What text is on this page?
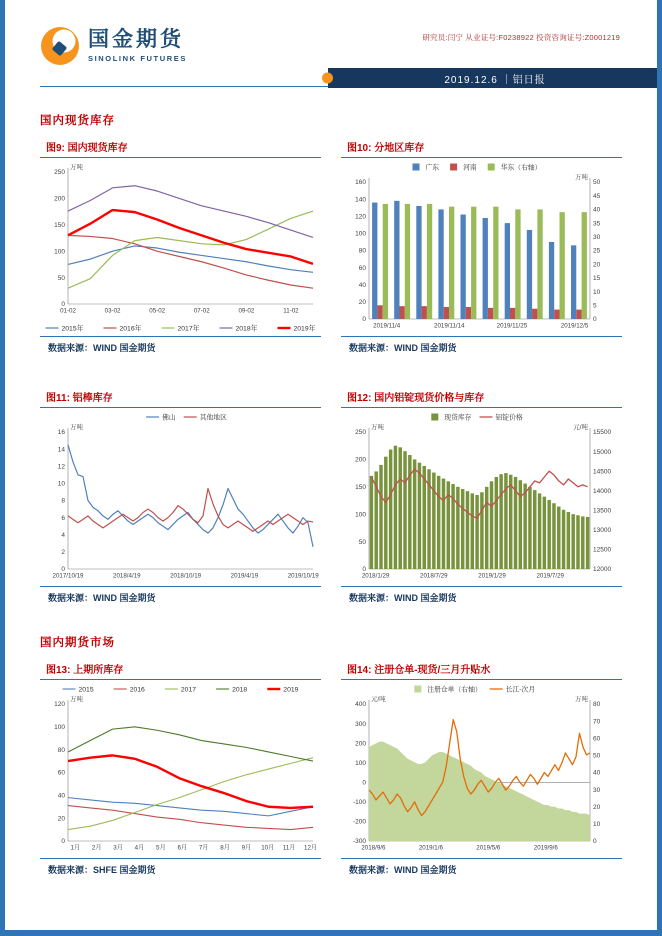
国金期货
SINOLINK FUTURES
研究员:闫宁 从业证号:F0238922 投资咨询证号:Z0001219
2019.12.6 ｜铝日报
国内现货库存
图9: 国内现货库存
0
50
100
150
200
250
万吨
01-02	03-02	05-02	07-02	09-02	11-02
2015年	2016年	2017年	2018年	2019年
数据来源：WIND 国金期货
图10: 分地区库存
0
20
40
60
80
100
120
140
160
0
5
10
15
20
25
30
35
40
45
50
万吨
2019/11/4	2019/11/14	2019/11/25	2019/12/5
广东	河南	华东（右轴）
数据来源：WIND 国金期货
图11: 铝棒库存
0
2
4
6
8
10
12
14
16
万吨
2017/10/19	2018/4/19	2018/10/19	2019/4/19	2019/10/19
佛山	其他地区
数据来源：WIND 国金期货
图12: 国内铝锭现货价格与库存
0
50
100
150
200
250
12000
12500
13000
13500
14000
14500
15000
15500
万吨	元/吨
2018/1/29	2018/7/29	2019/1/29	2019/7/29
现货库存	铝锭价格
数据来源：WIND 国金期货
国内期货市场
图13: 上期所库存
0
20
40
60
80
100
120
万吨
1月 2月 3月 4月 5月 6月 7月 8月 9月 10月 11月 12月
2015	2016	2017	2018	2019
数据来源：SHFE 国金期货
图14: 注册仓单-现货/三月升贴水
-300
-200
-100
0
100
200
300
400
0
10
20
30
40
50
60
70
80
元/吨	万吨
2018/9/6	2019/1/6	2019/5/6	2019/9/6
注册仓单（右轴）	长江-次月
数据来源：WIND 国金期货
